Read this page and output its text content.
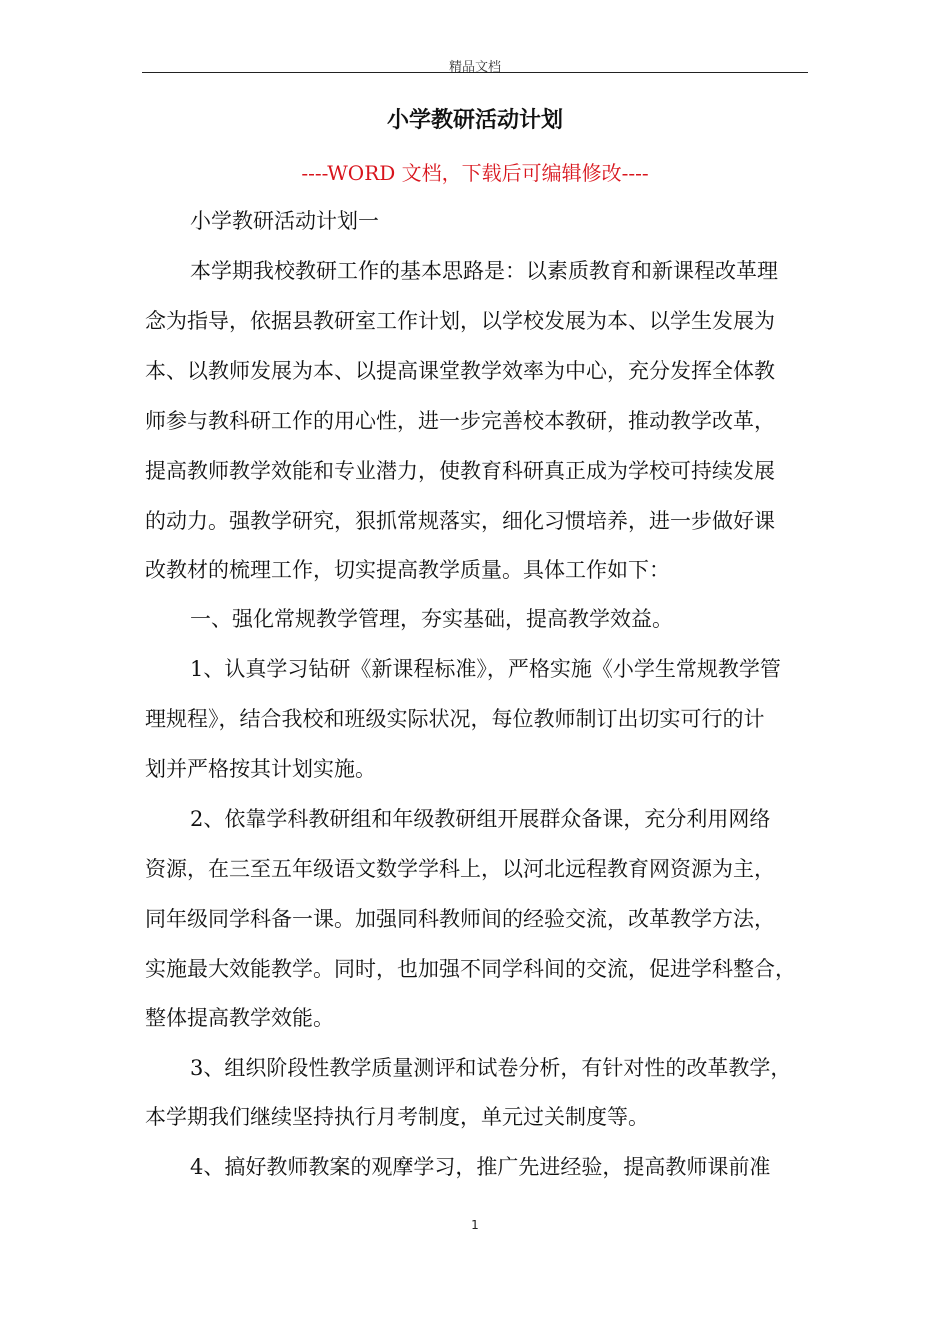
精品文档
小学教研活动计划
----WORD 文档，下载后可编辑修改----
小学教研活动计划一
本学期我校教研工作的基本思路是：以素质教育和新课程改革理
念为指导，依据县教研室工作计划，以学校发展为本、以学生发展为
本、以教师发展为本、以提高课堂教学效率为中心，充分发挥全体教
师参与教科研工作的用心性，进一步完善校本教研，推动教学改革，
提高教师教学效能和专业潜力，使教育科研真正成为学校可持续发展
的动力。强教学研究，狠抓常规落实，细化习惯培养，进一步做好课
改教材的梳理工作，切实提高教学质量。具体工作如下：
一、强化常规教学管理，夯实基础，提高教学效益。
1、认真学习钻研《新课程标准》，严格实施《小学生常规教学管
理规程》，结合我校和班级实际状况，每位教师制订出切实可行的计
划并严格按其计划实施。
2、依靠学科教研组和年级教研组开展群众备课，充分利用网络
资源，在三至五年级语文数学学科上，以河北远程教育网资源为主，
同年级同学科备一课。加强同科教师间的经验交流，改革教学方法，
实施最大效能教学。同时，也加强不同学科间的交流，促进学科整合，
整体提高教学效能。
3、组织阶段性教学质量测评和试卷分析，有针对性的改革教学，
本学期我们继续坚持执行月考制度，单元过关制度等。
4、搞好教师教案的观摩学习，推广先进经验，提高教师课前准
1
